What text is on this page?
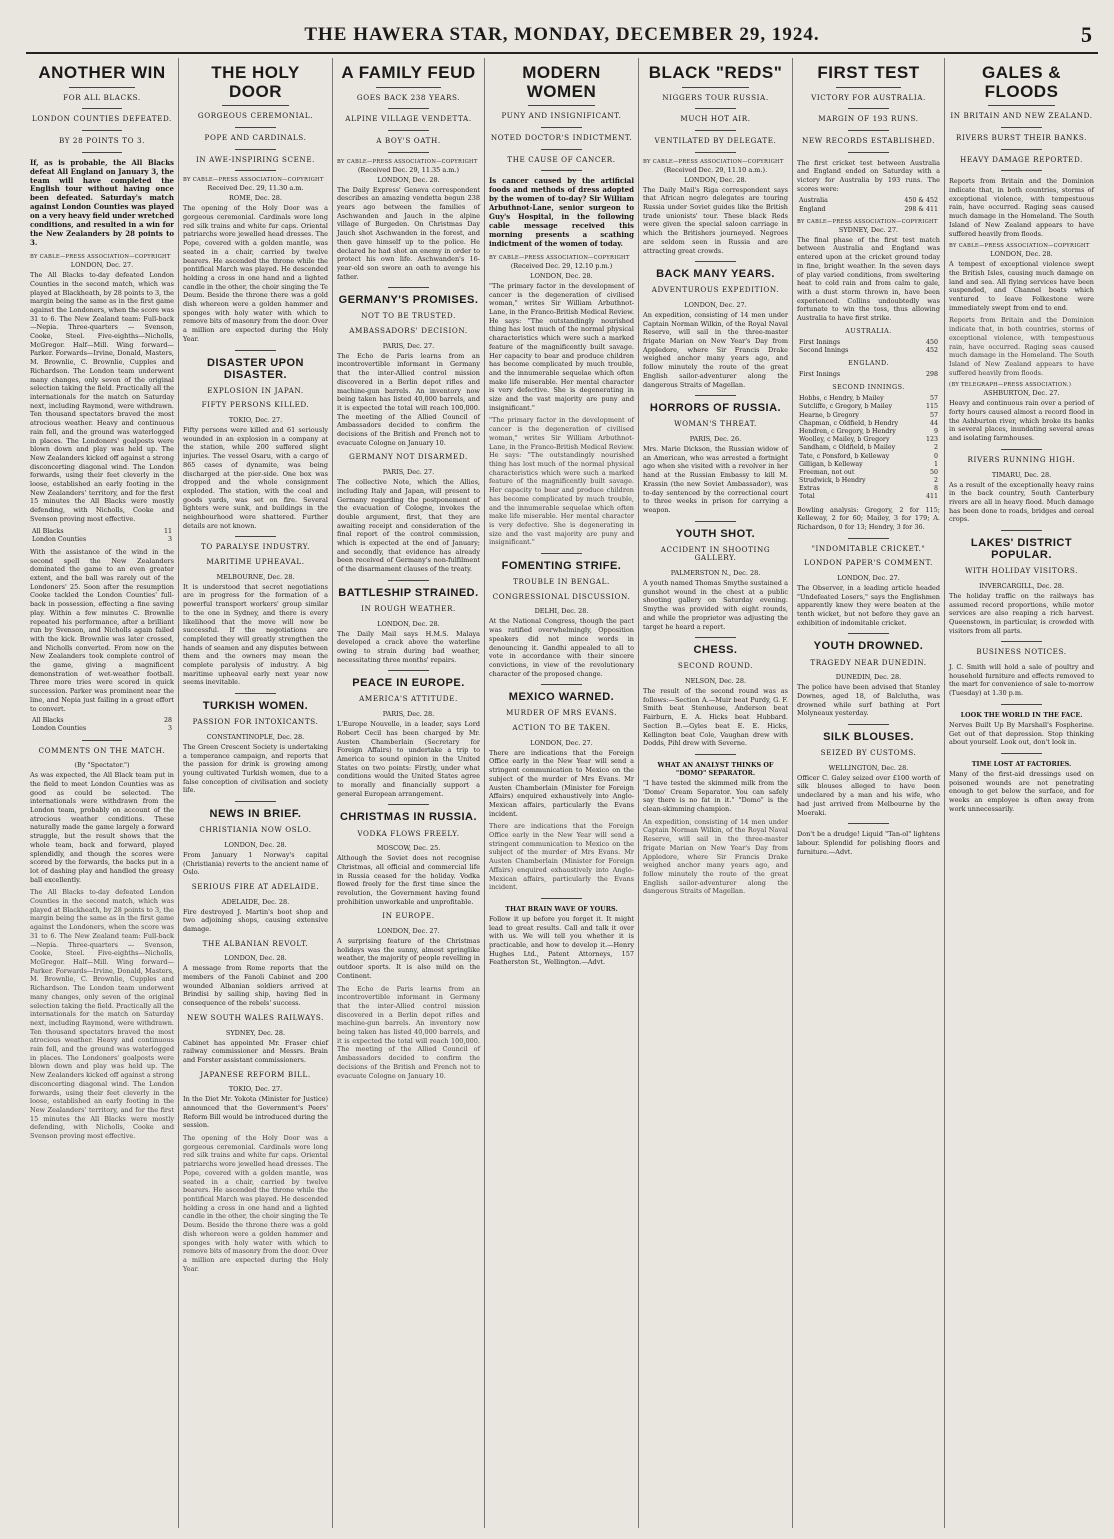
THE HAWERA STAR, MONDAY, DECEMBER 29, 1924.	5
ANOTHER WIN
FOR ALL BLACKS.
LONDON COUNTIES DEFEATED.
BY 28 POINTS TO 3.

If, as is probable, the All Blacks defeat All England on January 3, the team will have completed the English tour without having once been defeated. Saturday's match against London Counties was played on a very heavy field under wretched conditions, and resulted in a win for the New Zealanders by 28 points to 3.

BY CABLE—PRESS ASSOCIATION—COPYRIGHT
LONDON, Dec. 27.

The All Blacks to-day defeated London Counties in the second match, which was played at Blackheath, by 28 points to 3, the margin being the same as in the first game against the Londoners, when the score was 31 to 6. The New Zealand team: Full-back—Nepia. Three-quarters — Svenson, Cooke, Steel. Five-eighths—Nicholls, McGregor. Half—Mill. Wing forward—Parker. Forwards—Irvine, Donald, Masters, M. Brownlie, C. Brownlie, Cupples and Richardson. The London team underwent many changes, only seven of the original selection taking the field. Practically all the internationals for the match on Saturday next, including Raymond, were withdrawn. Ten thousand spectators braved the most atrocious weather. Heavy and continuous rain fell, and the ground was waterlogged in places. The Londoners' goalposts were blown down and play was held up. The New Zealanders kicked off against a strong disconcerting diagonal wind. The London forwards, using their feet cleverly in the loose, established an early footing in the New Zealanders' territory, and for the first 15 minutes the All Blacks were mostly defending, with Nicholls, Cooke and Svenson proving most effective.

All Blacks	11
London Counties	3

With the assistance of the wind in the second spell the New Zealanders dominated the game to an even greater extent, and the ball was rarely out of the Londoners' 25. Soon after the resumption Cooke tackled the London Counties' full-back in possession, effecting a fine saving play. Within a few minutes C. Brownlie repeated his performance, after a brilliant run by Svenson, and Nicholls again failed with the kick. Brownlie was later crossed, and Nicholls converted. From now on the New Zealanders took complete control of the game, giving a magnificent demonstration of wet-weather football. Three more tries were scored in quick succession. Parker was prominent near the line, and Nepia just failing in a great effort to convert.

All Blacks	28
London Counties	3
COMMENTS ON THE MATCH.
(By "Spectator.")

As was expected, the All Black team put in the field to meet London Counties was as good as could be selected. The internationals were withdrawn from the London team, probably on account of the atrocious weather conditions. These naturally made the game largely a forward struggle, but the result shows that the whole team, back and forward, played splendidly, and though the scores were scored by the forwards, the backs put in a lot of dashing play and handled the greasy ball excellently.

The All Blacks to-day defeated London Counties in the second match, which was played at Blackheath, by 28 points to 3, the margin being the same as in the first game against the Londoners, when the score was 31 to 6. The New Zealand team: Full-back—Nepia. Three-quarters — Svenson, Cooke, Steel. Five-eighths—Nicholls, McGregor. Half—Mill. Wing forward—Parker. Forwards—Irvine, Donald, Masters, M. Brownlie, C. Brownlie, Cupples and Richardson. The London team underwent many changes, only seven of the original selection taking the field. Practically all the internationals for the match on Saturday next, including Raymond, were withdrawn. Ten thousand spectators braved the most atrocious weather. Heavy and continuous rain fell, and the ground was waterlogged in places. The Londoners' goalposts were blown down and play was held up. The New Zealanders kicked off against a strong disconcerting diagonal wind. The London forwards, using their feet cleverly in the loose, established an early footing in the New Zealanders' territory, and for the first 15 minutes the All Blacks were mostly defending, with Nicholls, Cooke and Svenson proving most effective.

THE HOLY DOOR
GORGEOUS CEREMONIAL.
POPE AND CARDINALS.
IN AWE-INSPIRING SCENE.
BY CABLE—PRESS ASSOCIATION—COPYRIGHT
Received Dec. 29, 11.30 a.m.
ROME, Dec. 28.

The opening of the Holy Door was a gorgeous ceremonial. Cardinals wore long red silk trains and white fur caps. Oriental patriarchs wore jewelled head dresses. The Pope, covered with a golden mantle, was seated in a chair, carried by twelve bearers. He ascended the throne while the pontifical March was played. He descended holding a cross in one hand and a lighted candle in the other, the choir singing the Te Deum. Beside the throne there was a gold dish whereon were a golden hammer and sponges with holy water with which to remove bits of masonry from the door. Over a million are expected during the Holy Year.

DISASTER UPON DISASTER.
EXPLOSION IN JAPAN.
FIFTY PERSONS KILLED.
TOKIO, Dec. 27.

Fifty persons were killed and 61 seriously wounded in an explosion in a company at the station, while 200 suffered slight injuries. The vessel Osaru, with a cargo of 865 cases of dynamite, was being discharged at the pier-side. One box was dropped and the whole consignment exploded. The station, with the coal and goods yards, was set on fire. Several lighters were sunk, and buildings in the neighbourhood were shattered. Further details are not known.

TO PARALYSE INDUSTRY.
MARITIME UPHEAVAL.
MELBOURNE, Dec. 28.

It is understood that secret negotiations are in progress for the formation of a powerful transport workers' group similar to the one in Sydney, and there is every likelihood that the move will now be successful. If the negotiations are completed they will greatly strengthen the hands of seamen and any disputes between them and the owners may mean the complete paralysis of industry. A big maritime upheaval early next year now seems inevitable.

TURKISH WOMEN.
PASSION FOR INTOXICANTS.
CONSTANTINOPLE, Dec. 28.

The Green Crescent Society is undertaking a temperance campaign, and reports that the passion for drink is growing among young cultivated Turkish women, due to a false conception of civilisation and society life.

NEWS IN BRIEF.
CHRISTIANIA NOW OSLO.
LONDON, Dec. 28.

From January 1 Norway's capital (Christiania) reverts to the ancient name of Oslo.

SERIOUS FIRE AT ADELAIDE.
ADELAIDE, Dec. 28.

Fire destroyed J. Martin's boot shop and two adjoining shops, causing extensive damage.

THE ALBANIAN REVOLT.
LONDON, Dec. 28.

A message from Rome reports that the members of the Fanoli Cabinet and 200 wounded Albanian soldiers arrived at Brindisi by sailing ship, having fled in consequence of the rebels' success.

NEW SOUTH WALES RAILWAYS.
SYDNEY, Dec. 28.

Cabinet has appointed Mr. Fraser chief railway commissioner and Messrs. Brain and Forster assistant commissioners.

JAPANESE REFORM BILL.
TOKIO, Dec. 27.

In the Diet Mr. Yokota (Minister for Justice) announced that the Government's Peers' Reform Bill would be introduced during the session.

The opening of the Holy Door was a gorgeous ceremonial. Cardinals wore long red silk trains and white fur caps. Oriental patriarchs wore jewelled head dresses. The Pope, covered with a golden mantle, was seated in a chair, carried by twelve bearers. He ascended the throne while the pontifical March was played. He descended holding a cross in one hand and a lighted candle in the other, the choir singing the Te Deum. Beside the throne there was a gold dish whereon were a golden hammer and sponges with holy water with which to remove bits of masonry from the door. Over a million are expected during the Holy Year.

A FAMILY FEUD
GOES BACK 238 YEARS.
ALPINE VILLAGE VENDETTA.
A BOY'S OATH.
BY CABLE—PRESS ASSOCIATION—COPYRIGHT
(Received Dec. 29, 11.35 a.m.)
LONDON, Dec. 28.

The Daily Express' Geneva correspondent describes an amazing vendetta begun 238 years ago between the families of Aschwanden and Jauch in the alpine village of Burgeden. On Christmas Day Jauch shot Aschwanden in the forest, and then gave himself up to the police. He declared he had shot an enemy in order to protect his own life. Aschwanden's 16-year-old son swore an oath to avenge his father.

GERMANY'S PROMISES.
NOT TO BE TRUSTED.
AMBASSADORS' DECISION.
PARIS, Dec. 27.

The Echo de Paris learns from an incontrovertible informant in Germany that the inter-Allied control mission discovered in a Berlin depot rifles and machine-gun barrels. An inventory now being taken has listed 40,000 barrels, and it is expected the total will reach 100,000. The meeting of the Allied Council of Ambassadors decided to confirm the decisions of the British and French not to evacuate Cologne on January 10.

GERMANY NOT DISARMED.
PARIS, Dec. 27.

The collective Note, which the Allies, including Italy and Japan, will present to Germany regarding the postponement of the evacuation of Cologne, invokes the double argument, first, that they are awaiting receipt and consideration of the final report of the control commission, which is expected at the end of January; and secondly, that evidence has already been received of Germany's non-fulfilment of the disarmament clauses of the treaty.

BATTLESHIP STRAINED.
IN ROUGH WEATHER.
LONDON, Dec. 28.

The Daily Mail says H.M.S. Malaya developed a crack above the waterline owing to strain during bad weather, necessitating three months' repairs.

PEACE IN EUROPE.
AMERICA'S ATTITUDE.
PARIS, Dec. 28.

L'Europe Nouvelle, in a leader, says Lord Robert Cecil has been charged by Mr. Austen Chamberlain (Secretary for Foreign Affairs) to undertake a trip to America to sound opinion in the United States on two points: Firstly, under what conditions would the United States agree to morally and financially support a general European arrangement.

CHRISTMAS IN RUSSIA.
VODKA FLOWS FREELY.
MOSCOW, Dec. 25.

Although the Soviet does not recognise Christmas, all official and commercial life in Russia ceased for the holiday. Vodka flowed freely for the first time since the revolution, the Government having found prohibition unworkable and unprofitable.

IN EUROPE.
LONDON, Dec. 27.

A surprising feature of the Christmas holidays was the sunny, almost springlike weather, the majority of people revelling in outdoor sports. It is also mild on the Continent.

The Echo de Paris learns from an incontrovertible informant in Germany that the inter-Allied control mission discovered in a Berlin depot rifles and machine-gun barrels. An inventory now being taken has listed 40,000 barrels, and it is expected the total will reach 100,000. The meeting of the Allied Council of Ambassadors decided to confirm the decisions of the British and French not to evacuate Cologne on January 10.

MODERN WOMEN
PUNY AND INSIGNIFICANT.
NOTED DOCTOR'S INDICTMENT.
THE CAUSE OF CANCER.

Is cancer caused by the artificial foods and methods of dress adopted by the women of to-day? Sir William Arbuthnot-Lane, senior surgeon to Guy's Hospital, in the following cable message received this morning presents a scathing indictment of the women of today.

BY CABLE—PRESS ASSOCIATION—COPYRIGHT
(Received Dec. 29, 12.10 p.m.)
LONDON, Dec. 28.

"The primary factor in the development of cancer is the degeneration of civilised woman," writes Sir William Arbuthnot-Lane, in the Franco-British Medical Review. He says: "The outstandingly nourished thing has lost much of the normal physical characteristics which were such a marked feature of the magnificently built savage. Her capacity to bear and produce children has become complicated by much trouble, and the innumerable sequelae which often make life miserable. Her mental character is very defective. She is degenerating in size and the vast majority are puny and insignificant."

"The primary factor in the development of cancer is the degeneration of civilised woman," writes Sir William Arbuthnot-Lane, in the Franco-British Medical Review. He says: "The outstandingly nourished thing has lost much of the normal physical characteristics which were such a marked feature of the magnificently built savage. Her capacity to bear and produce children has become complicated by much trouble, and the innumerable sequelae which often make life miserable. Her mental character is very defective. She is degenerating in size and the vast majority are puny and insignificant."

FOMENTING STRIFE.
TROUBLE IN BENGAL.
CONGRESSIONAL DISCUSSION.
DELHI, Dec. 28.

At the National Congress, though the pact was ratified overwhelmingly, Opposition speakers did not mince words in denouncing it. Gandhi appealed to all to vote in accordance with their sincere convictions, in view of the revolutionary character of the proposed change.

MEXICO WARNED.
MURDER OF MRS EVANS.
ACTION TO BE TAKEN.
LONDON, Dec. 27.

There are indications that the Foreign Office early in the New Year will send a stringent communication to Mexico on the subject of the murder of Mrs Evans. Mr Austen Chamberlain (Minister for Foreign Affairs) enquired exhaustively into Anglo-Mexican affairs, particularly the Evans incident.

There are indications that the Foreign Office early in the New Year will send a stringent communication to Mexico on the subject of the murder of Mrs Evans. Mr Austen Chamberlain (Minister for Foreign Affairs) enquired exhaustively into Anglo-Mexican affairs, particularly the Evans incident.

THAT BRAIN WAVE OF YOURS.

Follow it up before you forget it. It might lead to great results. Call and talk it over with us. We will tell you whether it is practicable, and how to develop it.—Henry Hughes Ltd., Patent Attorneys, 157 Featherston St., Wellington.—Advt.

BLACK "REDS"
NIGGERS TOUR RUSSIA.
MUCH HOT AIR.
VENTILATED BY DELEGATE.
BY CABLE—PRESS ASSOCIATION—COPYRIGHT
(Received Dec. 29, 11.10 a.m.).
LONDON, Dec. 28.

The Daily Mail's Riga correspondent says that African negro delegates are touring Russia under Soviet guides like the British trade unionists' tour. These black Reds were given the special saloon carriage in which the Britishers journeyed. Negroes are seldom seen in Russia and are attracting great crowds.

BACK MANY YEARS.
ADVENTUROUS EXPEDITION.
LONDON, Dec. 27.

An expedition, consisting of 14 men under Captain Norman Wilkin, of the Royal Naval Reserve, will sail in the three-master frigate Marian on New Year's Day from Appledore, where Sir Francis Drake weighed anchor many years ago, and follow minutely the route of the great English sailor-adventurer along the dangerous Straits of Magellan.

HORRORS OF RUSSIA.
WOMAN'S THREAT.
PARIS, Dec. 26.

Mrs. Marie Dickson, the Russian widow of an American, who was arrested a fortnight ago when she visited with a revolver in her hand at the Russian Embassy to kill M. Krassin (the new Soviet Ambassador), was to-day sentenced by the correctional court to three weeks in prison for carrying a weapon.

YOUTH SHOT.
ACCIDENT IN SHOOTING GALLERY.
PALMERSTON N., Dec. 28.

A youth named Thomas Smythe sustained a gunshot wound in the chest at a public shooting gallery on Saturday evening. Smythe was provided with eight rounds, and while the proprietor was adjusting the target he heard a report.

CHESS.
SECOND ROUND.
NELSON, Dec. 28.

The result of the second round was as follows:—Section A.—Muir beat Purdy, G. F. Smith beat Stenhouse, Anderson beat Fairburn, E. A. Hicks beat Hubbard. Section B.—Gyles beat E. E. Hicks, Kellington beat Cole, Vaughan drew with Dodds, Pihl drew with Severne.

WHAT AN ANALYST THINKS OF "DOMO" SEPARATOR.

"I have tested the skimmed milk from the 'Domo' Cream Separator. You can safely say there is no fat in it." "Domo" is the clean-skimming champion.

An expedition, consisting of 14 men under Captain Norman Wilkin, of the Royal Naval Reserve, will sail in the three-master frigate Marian on New Year's Day from Appledore, where Sir Francis Drake weighed anchor many years ago, and follow minutely the route of the great English sailor-adventurer along the dangerous Straits of Magellan.

FIRST TEST
VICTORY FOR AUSTRALIA.
MARGIN OF 193 RUNS.
NEW RECORDS ESTABLISHED.

The first cricket test between Australia and England ended on Saturday with a victory for Australia by 193 runs. The scores were:

Australia	450 & 452
England	298 & 411
BY CABLE—PRESS ASSOCIATION—COPYRIGHT
SYDNEY, Dec. 27.

The final phase of the first test match between Australia and England was entered upon at the cricket ground today in fine, bright weather. In the seven days of play varied conditions, from sweltering heat to cold rain and from calm to gale, with a dust storm thrown in, have been experienced. Collins undoubtedly was fortunate to win the toss, thus allowing Australia to have first strike.

AUSTRALIA.
First Innings	450
Second Innings	452
ENGLAND.
First Innings	298
SECOND INNINGS.
Hobbs, c Hendry, b Mailey	57
Sutcliffe, c Gregory, b Mailey	115
Hearne, b Gregory	57
Chapman, c Oldfield, b Hendry	44
Hendren, c Gregory, b Hendry	9
Woolley, c Mailey, b Gregory	123
Sandham, c Oldfield, b Mailey	2
Tate, c Ponsford, b Kelleway	0
Gilligan, b Kelleway	1
Freeman, not out	50
Strudwick, b Hendry	2
Extras	8
Total	411

Bowling analysis: Gregory, 2 for 115; Kelleway, 2 for 60; Mailey, 3 for 179; A. Richardson, 0 for 13; Hendry, 3 for 36.

"INDOMITABLE CRICKET."
LONDON PAPER'S COMMENT.
LONDON, Dec. 27.

The Observer, in a leading article headed "Undefeated Losers," says the Englishmen apparently knew they were beaten at the tenth wicket, but not before they gave an exhibition of indomitable cricket.

YOUTH DROWNED.
TRAGEDY NEAR DUNEDIN.
DUNEDIN, Dec. 28.

The police have been advised that Stanley Downes, aged 18, of Balclutha, was drowned while surf bathing at Port Molyneaux yesterday.

SILK BLOUSES.
SEIZED BY CUSTOMS.
WELLINGTON, Dec. 28.

Officer C. Galey seized over £100 worth of silk blouses alleged to have been undeclared by a man and his wife, who had just arrived from Melbourne by the Moeraki.

Don't be a drudge! Liquid "Tan-ol" lightens labour. Splendid for polishing floors and furniture.—Advt.

GALES & FLOODS
IN BRITAIN AND NEW ZEALAND.
RIVERS BURST THEIR BANKS.
HEAVY DAMAGE REPORTED.

Reports from Britain and the Dominion indicate that, in both countries, storms of exceptional violence, with tempestuous rain, have occurred. Raging seas caused much damage in the Homeland. The South Island of New Zealand appears to have suffered heavily from floods.

BY CABLE—PRESS ASSOCIATION—COPYRIGHT
LONDON, Dec. 28.

A tempest of exceptional violence swept the British Isles, causing much damage on land and sea. All flying services have been suspended, and Channel boats which ventured to leave Folkestone were immediately swept from end to end.

Reports from Britain and the Dominion indicate that, in both countries, storms of exceptional violence, with tempestuous rain, have occurred. Raging seas caused much damage in the Homeland. The South Island of New Zealand appears to have suffered heavily from floods.

(BY TELEGRAPH—PRESS ASSOCIATION.)
ASHBURTON, Dec. 27.

Heavy and continuous rain over a period of forty hours caused almost a record flood in the Ashburton river, which broke its banks in several places, inundating several areas and isolating farmhouses.

RIVERS RUNNING HIGH.
TIMARU, Dec. 28.

As a result of the exceptionally heavy rains in the back country, South Canterbury rivers are all in heavy flood. Much damage has been done to roads, bridges and cereal crops.

LAKES' DISTRICT POPULAR.
WITH HOLIDAY VISITORS.
INVERCARGILL, Dec. 28.

The holiday traffic on the railways has assumed record proportions, while motor services are also reaping a rich harvest. Queenstown, in particular, is crowded with visitors from all parts.

BUSINESS NOTICES.

J. C. Smith will hold a sale of poultry and household furniture and effects removed to the mart for convenience of sale to-morrow (Tuesday) at 1.30 p.m.

LOOK THE WORLD IN THE FACE.

Nerves Built Up By Marshall's Fospherine. Get out of that depression. Stop thinking about yourself. Look out, don't look in.

TIME LOST AT FACTORIES.

Many of the first-aid dressings used on poisoned wounds are not penetrating enough to get below the surface, and for weeks an employee is often away from work unnecessarily.
